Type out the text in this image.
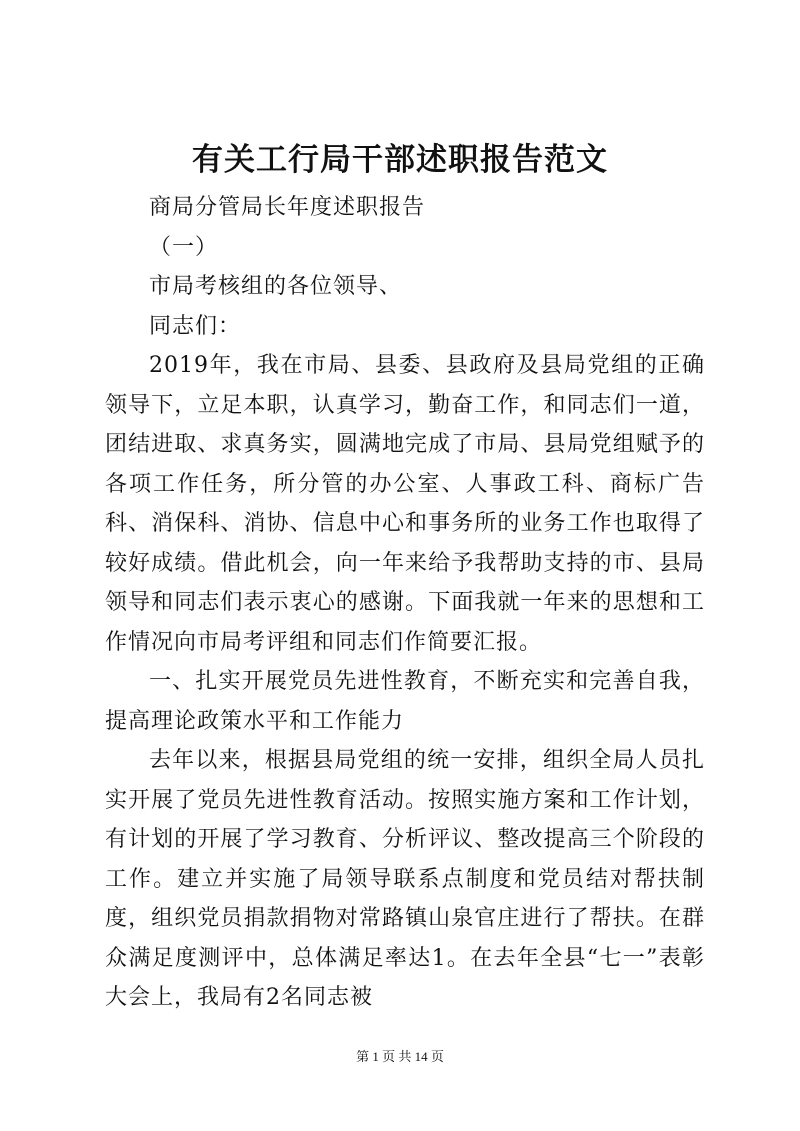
有关工行局干部述职报告范文

商局分管局长年度述职报告

（一）

市局考核组的各位领导、

同志们：

2019年，我在市局、县委、县政府及县局党组的正确领导下，立足本职，认真学习，勤奋工作，和同志们一道，团结进取、求真务实，圆满地完成了市局、县局党组赋予的各项工作任务，所分管的办公室、人事政工科、商标广告科、消保科、消协、信息中心和事务所的业务工作也取得了较好成绩。借此机会，向一年来给予我帮助支持的市、县局领导和同志们表示衷心的感谢。下面我就一年来的思想和工作情况向市局考评组和同志们作简要汇报。

一、扎实开展党员先进性教育，不断充实和完善自我，提高理论政策水平和工作能力

去年以来，根据县局党组的统一安排，组织全局人员扎实开展了党员先进性教育活动。按照实施方案和工作计划，有计划的开展了学习教育、分析评议、整改提高三个阶段的工作。建立并实施了局领导联系点制度和党员结对帮扶制度，组织党员捐款捐物对常路镇山泉官庄进行了帮扶。在群众满足度测评中，总体满足率达1。在去年全县“七一”表彰大会上，我局有2名同志被

第 1 页 共 14 页
